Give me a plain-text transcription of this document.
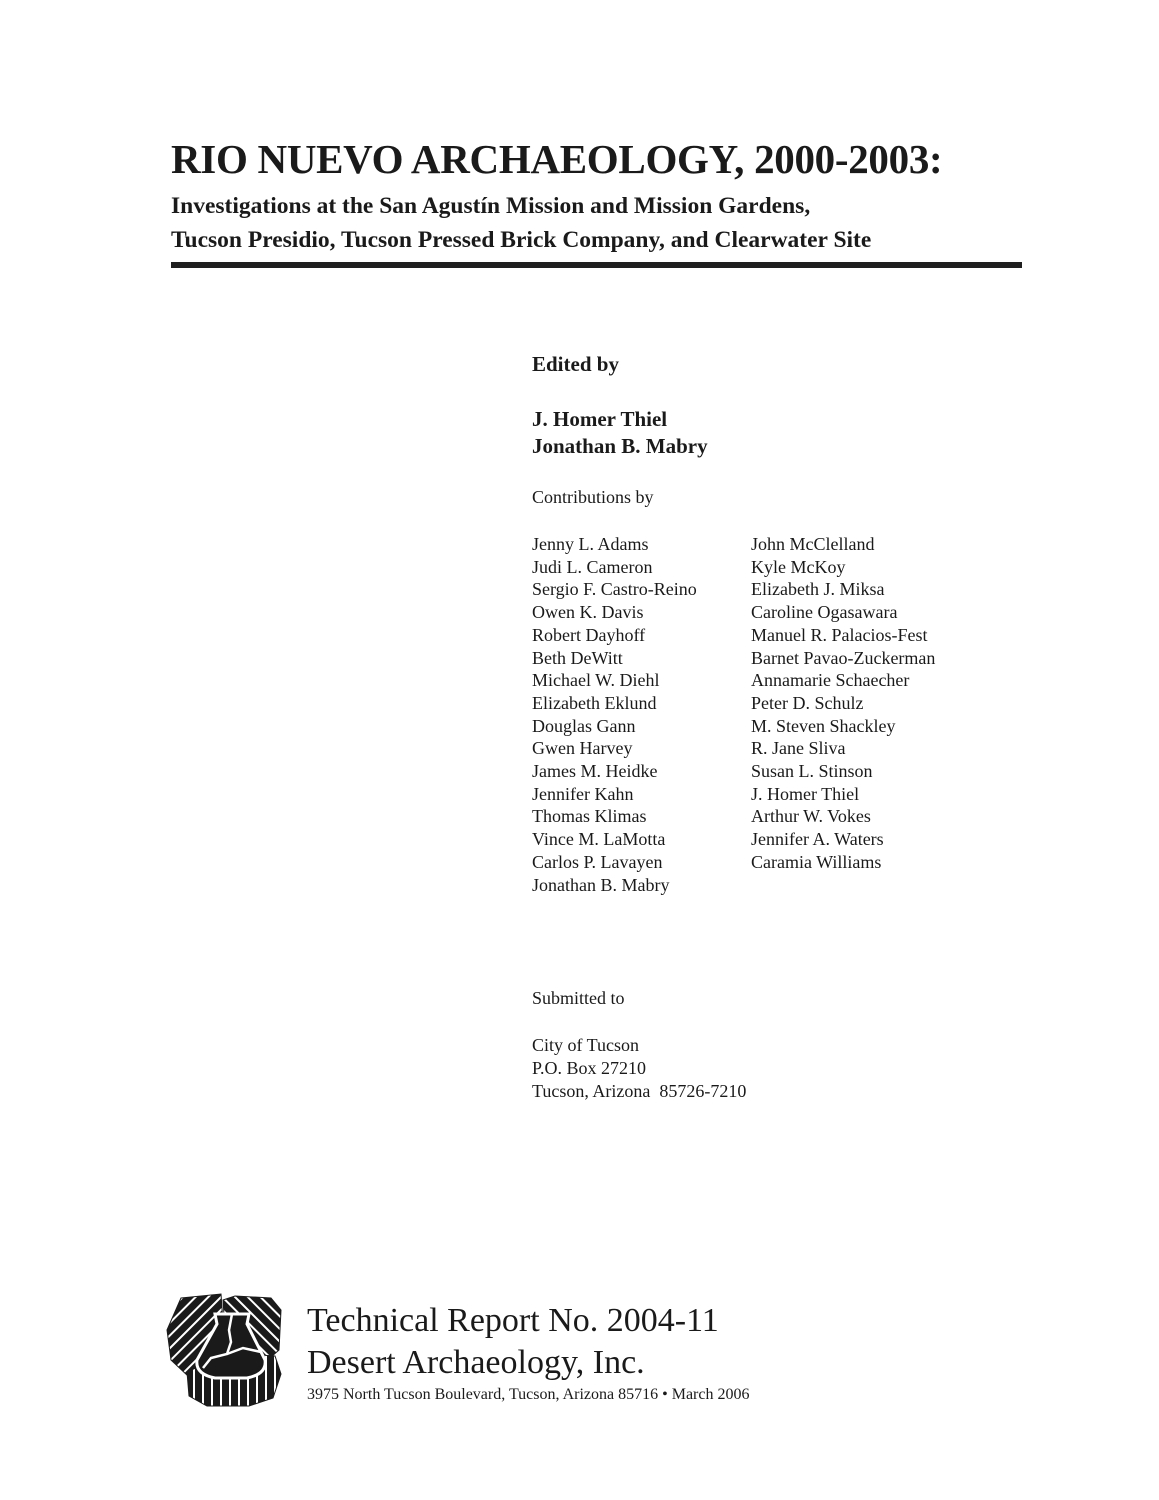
RIO NUEVO ARCHAEOLOGY, 2000-2003:
Investigations at the San Agustín Mission and Mission Gardens,
Tucson Presidio, Tucson Pressed Brick Company, and Clearwater Site
Edited by
J. Homer Thiel
Jonathan B. Mabry
Contributions by
Jenny L. Adams
Judi L. Cameron
Sergio F. Castro-Reino
Owen K. Davis
Robert Dayhoff
Beth DeWitt
Michael W. Diehl
Elizabeth Eklund
Douglas Gann
Gwen Harvey
James M. Heidke
Jennifer Kahn
Thomas Klimas
Vince M. LaMotta
Carlos P. Lavayen
Jonathan B. Mabry
John McClelland
Kyle McKoy
Elizabeth J. Miksa
Caroline Ogasawara
Manuel R. Palacios-Fest
Barnet Pavao-Zuckerman
Annamarie Schaecher
Peter D. Schulz
M. Steven Shackley
R. Jane Sliva
Susan L. Stinson
J. Homer Thiel
Arthur W. Vokes
Jennifer A. Waters
Caramia Williams
Submitted to
City of Tucson
P.O. Box 27210
Tucson, Arizona  85726-7210
Technical Report No. 2004-11
Desert Archaeology, Inc.
3975 North Tucson Boulevard, Tucson, Arizona 85716 • March 2006
